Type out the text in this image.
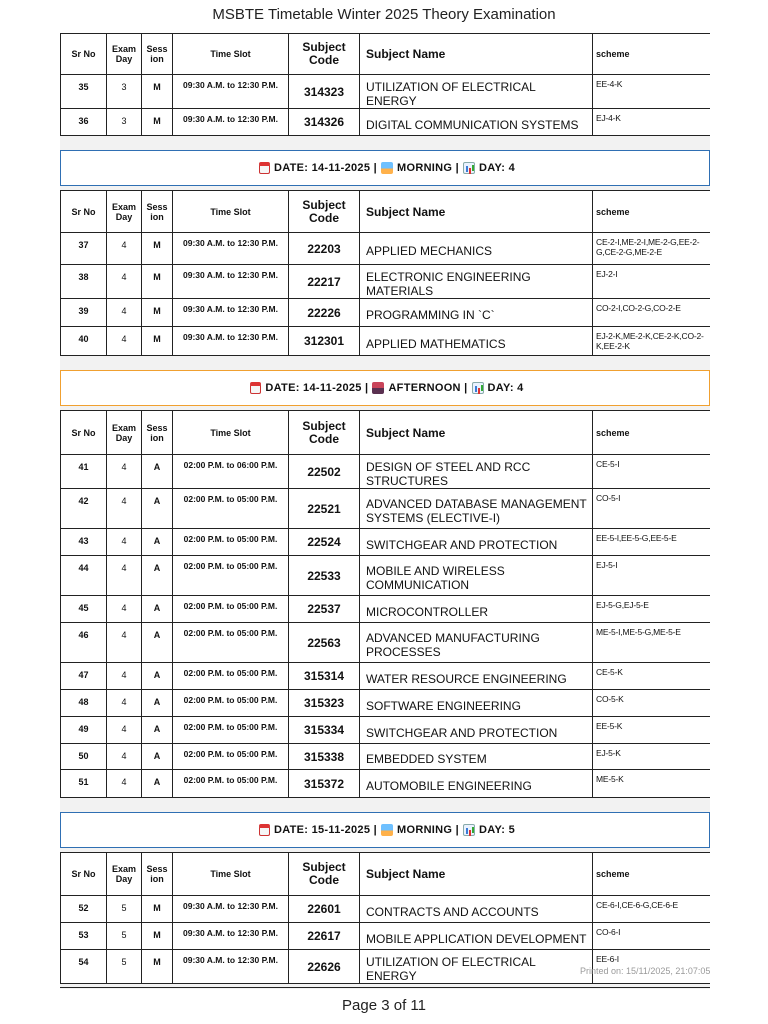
MSBTE Timetable Winter 2025 Theory Examination
Sr No	Exam Day	Sess ion	Time Slot	Subject Code	Subject Name	scheme
35	3	M	09:30 A.M. to 12:30 P.M.	314323	UTILIZATION OF ELECTRICAL ENERGY	EE-4-K
36	3	M	09:30 A.M. to 12:30 P.M.	314326	DIGITAL COMMUNICATION SYSTEMS	EJ-4-K
DATE: 14-11-2025 | MORNING | DAY: 4
Sr No	Exam Day	Sess ion	Time Slot	Subject Code	Subject Name	scheme
37	4	M	09:30 A.M. to 12:30 P.M.	22203	APPLIED MECHANICS	CE-2-I,ME-2-I,ME-2-G,EE-2-G,CE-2-G,ME-2-E
38	4	M	09:30 A.M. to 12:30 P.M.	22217	ELECTRONIC ENGINEERING MATERIALS	EJ-2-I
39	4	M	09:30 A.M. to 12:30 P.M.	22226	PROGRAMMING IN `C`	CO-2-I,CO-2-G,CO-2-E
40	4	M	09:30 A.M. to 12:30 P.M.	312301	APPLIED MATHEMATICS	EJ-2-K,ME-2-K,CE-2-K,CO-2-K,EE-2-K
DATE: 14-11-2025 | AFTERNOON | DAY: 4
Sr No	Exam Day	Sess ion	Time Slot	Subject Code	Subject Name	scheme
41	4	A	02:00 P.M. to 06:00 P.M.	22502	DESIGN OF STEEL AND RCC STRUCTURES	CE-5-I
42	4	A	02:00 P.M. to 05:00 P.M.	22521	ADVANCED DATABASE MANAGEMENT SYSTEMS (ELECTIVE-I)	CO-5-I
43	4	A	02:00 P.M. to 05:00 P.M.	22524	SWITCHGEAR AND PROTECTION	EE-5-I,EE-5-G,EE-5-E
44	4	A	02:00 P.M. to 05:00 P.M.	22533	MOBILE AND WIRELESS COMMUNICATION	EJ-5-I
45	4	A	02:00 P.M. to 05:00 P.M.	22537	MICROCONTROLLER	EJ-5-G,EJ-5-E
46	4	A	02:00 P.M. to 05:00 P.M.	22563	ADVANCED MANUFACTURING PROCESSES	ME-5-I,ME-5-G,ME-5-E
47	4	A	02:00 P.M. to 05:00 P.M.	315314	WATER RESOURCE ENGINEERING	CE-5-K
48	4	A	02:00 P.M. to 05:00 P.M.	315323	SOFTWARE ENGINEERING	CO-5-K
49	4	A	02:00 P.M. to 05:00 P.M.	315334	SWITCHGEAR AND PROTECTION	EE-5-K
50	4	A	02:00 P.M. to 05:00 P.M.	315338	EMBEDDED SYSTEM	EJ-5-K
51	4	A	02:00 P.M. to 05:00 P.M.	315372	AUTOMOBILE ENGINEERING	ME-5-K
DATE: 15-11-2025 | MORNING | DAY: 5
Sr No	Exam Day	Sess ion	Time Slot	Subject Code	Subject Name	scheme
52	5	M	09:30 A.M. to 12:30 P.M.	22601	CONTRACTS AND ACCOUNTS	CE-6-I,CE-6-G,CE-6-E
53	5	M	09:30 A.M. to 12:30 P.M.	22617	MOBILE APPLICATION DEVELOPMENT	CO-6-I
54	5	M	09:30 A.M. to 12:30 P.M.	22626	UTILIZATION OF ELECTRICAL ENERGY	EE-6-I
Printed on: 15/11/2025, 21:07:05
Page 3 of 11
